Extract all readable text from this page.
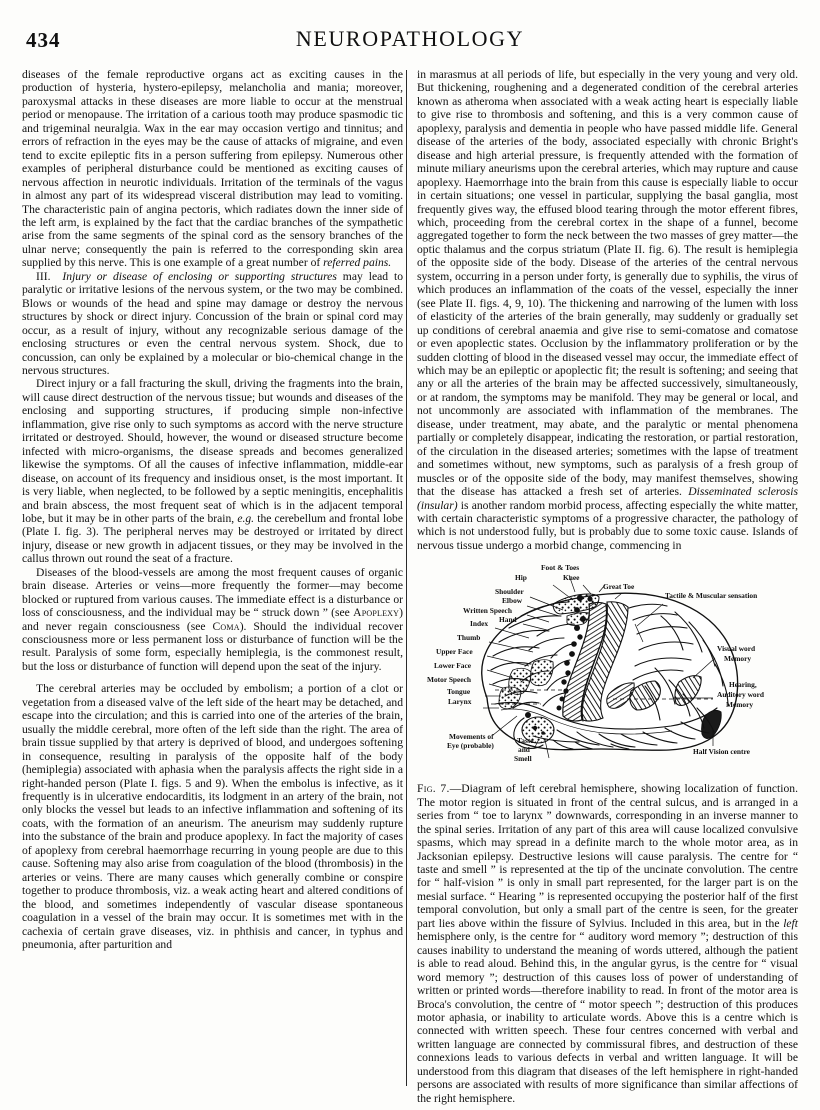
434	NEUROPATHOLOGY

diseases of the female reproductive organs act as exciting causes in the production of hysteria, hystero-epilepsy, melancholia and mania; moreover, paroxysmal attacks in these diseases are more liable to occur at the menstrual period or menopause. The irritation of a carious tooth may produce spasmodic tic and trigeminal neuralgia. Wax in the ear may occasion vertigo and tinnitus; and errors of refraction in the eyes may be the cause of attacks of migraine, and even tend to excite epileptic fits in a person suffering from epilepsy. Numerous other examples of peripheral disturbance could be mentioned as exciting causes of nervous affection in neurotic individuals. Irritation of the terminals of the vagus in almost any part of its widespread visceral distribution may lead to vomiting. The characteristic pain of angina pectoris, which radiates down the inner side of the left arm, is explained by the fact that the cardiac branches of the sympathetic arise from the same segments of the spinal cord as the sensory branches of the ulnar nerve; consequently the pain is referred to the corresponding skin area supplied by this nerve. This is one example of a great number of referred pains.

III. Injury or disease of enclosing or supporting structures may lead to paralytic or irritative lesions of the nervous system, or the two may be combined. Blows or wounds of the head and spine may damage or destroy the nervous structures by shock or direct injury. Concussion of the brain or spinal cord may occur, as a result of injury, without any recognizable serious damage of the enclosing structures or even the central nervous system. Shock, due to concussion, can only be explained by a molecular or bio-chemical change in the nervous structures.

Direct injury or a fall fracturing the skull, driving the fragments into the brain, will cause direct destruction of the nervous tissue; but wounds and diseases of the enclosing and supporting structures, if producing simple non-infective inflammation, give rise only to such symptoms as accord with the nerve structure irritated or destroyed. Should, however, the wound or diseased structure become infected with micro-organisms, the disease spreads and becomes generalized likewise the symptoms. Of all the causes of infective inflammation, middle-ear disease, on account of its frequency and insidious onset, is the most important. It is very liable, when neglected, to be followed by a septic meningitis, encephalitis and brain abscess, the most frequent seat of which is in the adjacent temporal lobe, but it may be in other parts of the brain, e.g. the cerebellum and frontal lobe (Plate I. fig. 3). The peripheral nerves may be destroyed or irritated by direct injury, disease or new growth in adjacent tissues, or they may be involved in the callus thrown out round the seat of a fracture.

Diseases of the blood-vessels are among the most frequent causes of organic brain disease. Arteries or veins—more frequently the former—may become blocked or ruptured from various causes. The immediate effect is a disturbance or loss of consciousness, and the individual may be “ struck down ” (see Apoplexy) and never regain consciousness (see Coma). Should the individual recover consciousness more or less permanent loss or disturbance of function will be the result. Paralysis of some form, especially hemiplegia, is the commonest result, but the loss or disturbance of function will depend upon the seat of the injury.

The cerebral arteries may be occluded by embolism; a portion of a clot or vegetation from a diseased valve of the left side of the heart may be detached, and escape into the circulation; and this is carried into one of the arteries of the brain, usually the middle cerebral, more often of the left side than the right. The area of brain tissue supplied by that artery is deprived of blood, and undergoes softening in consequence, resulting in paralysis of the opposite half of the body (hemiplegia) associated with aphasia when the paralysis affects the right side in a right-handed person (Plate I. figs. 5 and 9). When the embolus is infective, as it frequently is in ulcerative endocarditis, its lodgment in an artery of the brain, not only blocks the vessel but leads to an infective inflammation and softening of its coats, with the formation of an aneurism. The aneurism may suddenly rupture into the substance of the brain and produce apoplexy. In fact the majority of cases of apoplexy from cerebral haemorrhage recurring in young people are due to this cause. Softening may also arise from coagulation of the blood (thrombosis) in the arteries or veins. There are many causes which generally combine or conspire together to produce thrombosis, viz. a weak acting heart and altered conditions of the blood, and sometimes independently of vascular disease spontaneous coagulation in a vessel of the brain may occur. It is sometimes met with in the cachexia of certain grave diseases, viz. in phthisis and cancer, in typhus and pneumonia, after parturition and

in marasmus at all periods of life, but especially in the very young and very old. But thickening, roughening and a degenerated condition of the cerebral arteries known as atheroma when associated with a weak acting heart is especially liable to give rise to thrombosis and softening, and this is a very common cause of apoplexy, paralysis and dementia in people who have passed middle life. General disease of the arteries of the body, associated especially with chronic Bright's disease and high arterial pressure, is frequently attended with the formation of minute miliary aneurisms upon the cerebral arteries, which may rupture and cause apoplexy. Haemorrhage into the brain from this cause is especially liable to occur in certain situations; one vessel in particular, supplying the basal ganglia, most frequently gives way, the effused blood tearing through the motor efferent fibres, which, proceeding from the cerebral cortex in the shape of a funnel, become aggregated together to form the neck between the two masses of grey matter—the optic thalamus and the corpus striatum (Plate II. fig. 6). The result is hemiplegia of the opposite side of the body. Disease of the arteries of the central nervous system, occurring in a person under forty, is generally due to syphilis, the virus of which produces an inflammation of the coats of the vessel, especially the inner (see Plate II. figs. 4, 9, 10). The thickening and narrowing of the lumen with loss of elasticity of the arteries of the brain generally, may suddenly or gradually set up conditions of cerebral anaemia and give rise to semi-comatose and comatose or even apoplectic states. Occlusion by the inflammatory proliferation or by the sudden clotting of blood in the diseased vessel may occur, the immediate effect of which may be an epileptic or apoplectic fit; the result is softening; and seeing that any or all the arteries of the brain may be affected successively, simultaneously, or at random, the symptoms may be manifold. They may be general or local, and not uncommonly are associated with inflammation of the membranes. The disease, under treatment, may abate, and the paralytic or mental phenomena partially or completely disappear, indicating the restoration, or partial restoration, of the circulation in the diseased arteries; sometimes with the lapse of treatment and sometimes without, new symptoms, such as paralysis of a fresh group of muscles or of the opposite side of the body, may manifest themselves, showing that the disease has attacked a fresh set of arteries. Disseminated sclerosis (insular) is another random morbid process, affecting especially the white matter, with certain characteristic symptoms of a progressive character, the pathology of which is not understood fully, but is probably due to some toxic cause. Islands of nervous tissue undergo a morbid change, commencing in

Foot & Toes
Hip	Knee
Great Toe
Shoulder
Elbow
Written Speech
Hand
Index
Thumb
Upper Face
Lower Face
Motor Speech
Tongue
Larynx
Movements of
Eye (probable)
Taste
and
Smell
Tactile & Muscular sensation
Visual word
Memory
Hearing,
Auditory word
Memory
Half Vision centre

Fig. 7.—Diagram of left cerebral hemisphere, showing localization of function. The motor region is situated in front of the central sulcus, and is arranged in a series from “ toe to larynx ” downwards, corresponding in an inverse manner to the spinal series. Irritation of any part of this area will cause localized convulsive spasms, which may spread in a definite march to the whole motor area, as in Jacksonian epilepsy. Destructive lesions will cause paralysis. The centre for “ taste and smell ” is represented at the tip of the uncinate convolution. The centre for “ half-vision ” is only in small part represented, for the larger part is on the mesial surface. “ Hearing ” is represented occupying the posterior half of the first temporal convolution, but only a small part of the centre is seen, for the greater part lies above within the fissure of Sylvius. Included in this area, but in the left hemisphere only, is the centre for “ auditory word memory ”; destruction of this causes inability to understand the meaning of words uttered, although the patient is able to read aloud. Behind this, in the angular gyrus, is the centre for “ visual word memory ”; destruction of this causes loss of power of understanding of written or printed words—therefore inability to read. In front of the motor area is Broca's convolution, the centre of “ motor speech ”; destruction of this produces motor aphasia, or inability to articulate words. Above this is a centre which is connected with written speech. These four centres concerned with verbal and written language are connected by commissural fibres, and destruction of these connexions leads to various defects in verbal and written language. It will be understood from this diagram that diseases of the left hemisphere in right-handed persons are associated with results of more significance than similar affections of the right hemisphere.
